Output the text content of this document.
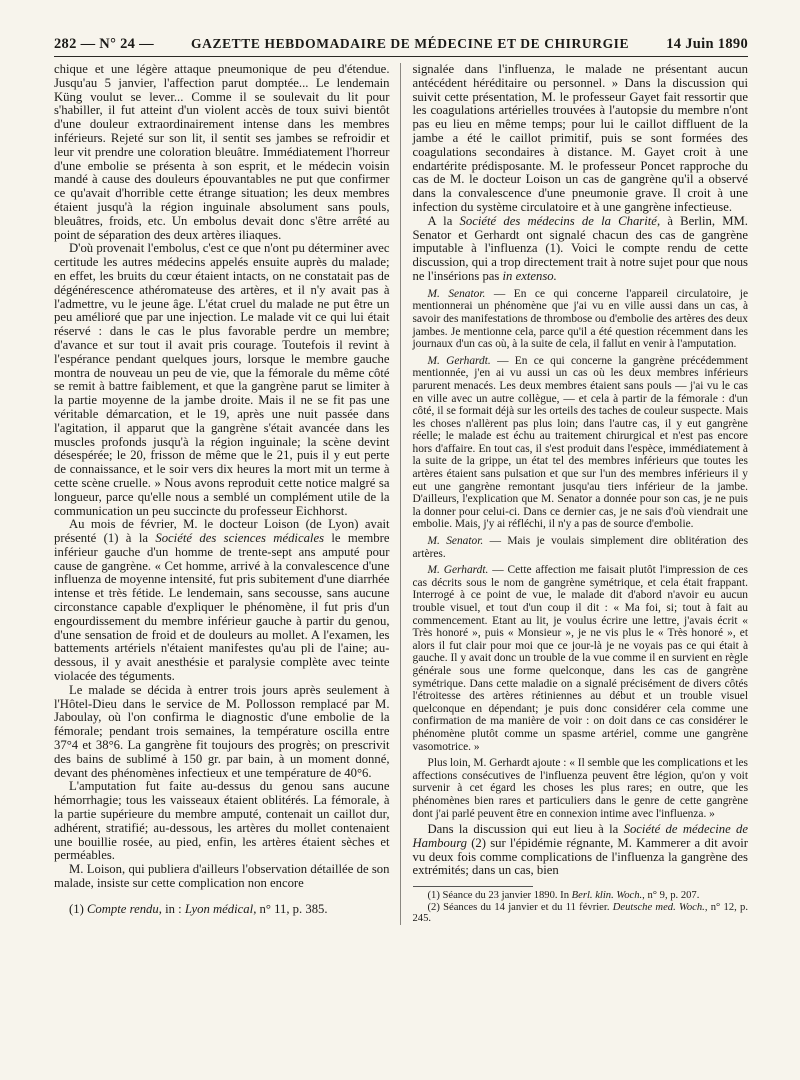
282 — N° 24 —	GAZETTE HEBDOMADAIRE DE MÉDECINE ET DE CHIRURGIE	14 Juin 1890

chique et une légère attaque pneumonique de peu d'étendue. Jusqu'au 5 janvier, l'affection parut domptée... Le lendemain Küng voulut se lever... Comme il se soulevait du lit pour s'habiller, il fut atteint d'un violent accès de toux suivi bientôt d'une douleur extraordinairement intense dans les membres inférieurs. Rejeté sur son lit, il sentit ses jambes se refroidir et leur vit prendre une coloration bleuâtre. Immédiatement l'horreur d'une embolie se présenta à son esprit, et le médecin voisin mandé à cause des douleurs épouvantables ne put que confirmer ce qu'avait d'horrible cette étrange situation; les deux membres étaient jusqu'à la région inguinale absolument sans pouls, bleuâtres, froids, etc. Un embolus devait donc s'être arrêté au point de séparation des deux artères iliaques.

D'où provenait l'embolus, c'est ce que n'ont pu déterminer avec certitude les autres médecins appelés ensuite auprès du malade; en effet, les bruits du cœur étaient intacts, on ne constatait pas de dégénérescence athéromateuse des artères, et il n'y avait pas à l'admettre, vu le jeune âge. L'état cruel du malade ne put être un peu amélioré que par une injection. Le malade vit ce qui lui était réservé : dans le cas le plus favorable perdre un membre; d'avance et sur tout il avait pris courage. Toutefois il revint à l'espérance pendant quelques jours, lorsque le membre gauche montra de nouveau un peu de vie, que la fémorale du même côté se remit à battre faiblement, et que la gangrène parut se limiter à la partie moyenne de la jambe droite. Mais il ne se fit pas une véritable démarcation, et le 19, après une nuit passée dans l'agitation, il apparut que la gangrène s'était avancée dans les muscles profonds jusqu'à la région inguinale; la scène devint désespérée; le 20, frisson de même que le 21, puis il y eut perte de connaissance, et le soir vers dix heures la mort mit un terme à cette scène cruelle. » Nous avons reproduit cette notice malgré sa longueur, parce qu'elle nous a semblé un complément utile de la communication un peu succincte du professeur Eichhorst.

Au mois de février, M. le docteur Loison (de Lyon) avait présenté (1) à la Société des sciences médicales le membre inférieur gauche d'un homme de trente-sept ans amputé pour cause de gangrène. « Cet homme, arrivé à la convalescence d'une influenza de moyenne intensité, fut pris subitement d'une diarrhée intense et très fétide. Le lendemain, sans secousse, sans aucune circonstance capable d'expliquer le phénomène, il fut pris d'un engourdissement du membre inférieur gauche à partir du genou, d'une sensation de froid et de douleurs au mollet. A l'examen, les battements artériels n'étaient manifestes qu'au pli de l'aine; au-dessous, il y avait anesthésie et paralysie complète avec teinte violacée des téguments.

Le malade se décida à entrer trois jours après seulement à l'Hôtel-Dieu dans le service de M. Pollosson remplacé par M. Jaboulay, où l'on confirma le diagnostic d'une embolie de la fémorale; pendant trois semaines, la température oscilla entre 37°4 et 38°6. La gangrène fit toujours des progrès; on prescrivit des bains de sublimé à 150 gr. par bain, à un moment donné, devant des phénomènes infectieux et une température de 40°6.

L'amputation fut faite au-dessus du genou sans aucune hémorrhagie; tous les vaisseaux étaient oblitérés. La fémorale, à la partie supérieure du membre amputé, contenait un caillot dur, adhérent, stratifié; au-dessous, les artères du mollet contenaient une bouillie rosée, au pied, enfin, les artères étaient sèches et perméables.

M. Loison, qui publiera d'ailleurs l'observation détaillée de son malade, insiste sur cette complication non encore

(1) Compte rendu, in : Lyon médical, n° 11, p. 385.

signalée dans l'influenza, le malade ne présentant aucun antécédent héréditaire ou personnel. » Dans la discussion qui suivit cette présentation, M. le professeur Gayet fait ressortir que les coagulations artérielles trouvées à l'autopsie du membre n'ont pas eu lieu en même temps; pour lui le caillot diffluent de la jambe a été le caillot primitif, puis se sont formées des coagulations secondaires à distance. M. Gayet croit à une endartérite prédisposante. M. le professeur Poncet rapproche du cas de M. le docteur Loison un cas de gangrène qu'il a observé dans la convalescence d'une pneumonie grave. Il croit à une infection du système circulatoire et à une gangrène infectieuse.

A la Société des médecins de la Charité, à Berlin, MM. Senator et Gerhardt ont signalé chacun des cas de gangrène imputable à l'influenza (1). Voici le compte rendu de cette discussion, qui a trop directement trait à notre sujet pour que nous ne l'insérions pas in extenso.

M. Senator. — En ce qui concerne l'appareil circulatoire, je mentionnerai un phénomène que j'ai vu en ville aussi dans un cas, à savoir des manifestations de thrombose ou d'embolie des artères des deux jambes. Je mentionne cela, parce qu'il a été question récemment dans les journaux d'un cas où, à la suite de cela, il fallut en venir à l'amputation.

M. Gerhardt. — En ce qui concerne la gangrène précédemment mentionnée, j'en ai vu aussi un cas où les deux membres inférieurs parurent menacés. Les deux membres étaient sans pouls — j'ai vu le cas en ville avec un autre collègue, — et cela à partir de la fémorale : d'un côté, il se formait déjà sur les orteils des taches de couleur suspecte. Mais les choses n'allèrent pas plus loin; dans l'autre cas, il y eut gangrène réelle; le malade est échu au traitement chirurgical et n'est pas encore hors d'affaire. En tout cas, il s'est produit dans l'espèce, immédiatement à la suite de la grippe, un état tel des membres inférieurs que toutes les artères étaient sans pulsation et que sur l'un des membres inférieurs il y eut une gangrène remontant jusqu'au tiers inférieur de la jambe. D'ailleurs, l'explication que M. Senator a donnée pour son cas, je ne puis la donner pour celui-ci. Dans ce dernier cas, je ne sais d'où viendrait une embolie. Mais, j'y ai réfléchi, il n'y a pas de source d'embolie.

M. Senator. — Mais je voulais simplement dire oblitération des artères.

M. Gerhardt. — Cette affection me faisait plutôt l'impression de ces cas décrits sous le nom de gangrène symétrique, et cela était frappant. Interrogé à ce point de vue, le malade dit d'abord n'avoir eu aucun trouble visuel, et tout d'un coup il dit : « Ma foi, si; tout à fait au commencement. Etant au lit, je voulus écrire une lettre, j'avais écrit « Très honoré », puis « Monsieur », je ne vis plus le « Très honoré », et alors il fut clair pour moi que ce jour-là je ne voyais pas ce qui était à gauche. Il y avait donc un trouble de la vue comme il en survient en règle générale sous une forme quelconque, dans les cas de gangrène symétrique. Dans cette maladie on a signalé précisément de divers côtés l'étroitesse des artères rétiniennes au début et un trouble visuel quelconque en dépendant; je puis donc considérer cela comme une confirmation de ma manière de voir : on doit dans ce cas considérer le phénomène plutôt comme un spasme artériel, comme une gangrène vasomotrice. »

Plus loin, M. Gerhardt ajoute : « Il semble que les complications et les affections consécutives de l'influenza peuvent être légion, qu'on y voit survenir à cet égard les choses les plus rares; en outre, que les phénomènes bien rares et particuliers dans le genre de cette gangrène dont j'ai parlé peuvent être en connexion intime avec l'influenza. »

Dans la discussion qui eut lieu à la Société de médecine de Hambourg (2) sur l'épidémie régnante, M. Kammerer a dit avoir vu deux fois comme complications de l'influenza la gangrène des extrémités; dans un cas, bien

(1) Séance du 23 janvier 1890. In Berl. klin. Woch., n° 9, p. 207.

(2) Séances du 14 janvier et du 11 février. Deutsche med. Woch., n° 12, p. 245.
